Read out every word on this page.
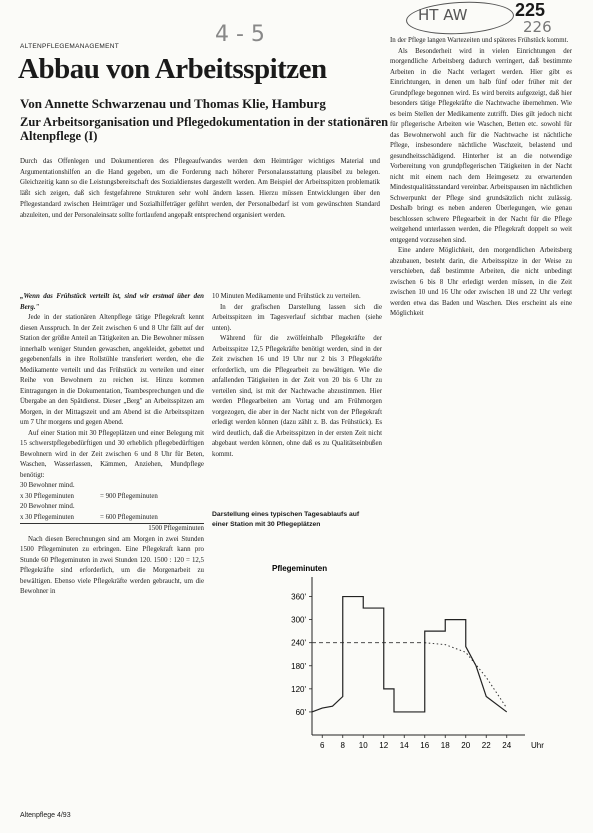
4 - 5
HT AW	225
226
ALTENPFLEGEMANAGEMENT
Abbau von Arbeitsspitzen
Von Annette Schwarzenau und Thomas Klie, Hamburg
Zur Arbeitsorganisation und Pflegedokumentation in der stationären Altenpflege (I)
Durch das Offenlegen und Dokumentieren des Pflegeaufwandes werden dem Heimträger wichtiges Material und Argumentationshilfen an die Hand gegeben, um die Forderung nach höherer Personalausstattung plausibel zu belegen. Gleichzeitig kann so die Leistungsbereitschaft des Sozialdienstes dargestellt werden. Am Beispiel der Arbeitsspitzen problematik läßt sich zeigen, daß sich festgefahrene Strukturen sehr wohl ändern lassen. Hierzu müssen Entwicklungen über den Pflegestandard zwischen Heimträger und Sozialhilfeträger geführt werden, der Personalbedarf ist vom gewünschten Standard abzuleiten, und der Personaleinsatz sollte fortlaufend angepaßt entsprechend organisiert werden.

„Wenn das Frühstück verteilt ist, sind wir erstmal über den Berg."

Jede in der stationären Altenpflege tätige Pflegekraft kennt diesen Ausspruch. In der Zeit zwischen 6 und 8 Uhr fällt auf der Station der größte Anteil an Tätigkeiten an. Die Bewohner müssen innerhalb weniger Stunden gewaschen, angekleidet, gebettet und gegebenenfalls in ihre Rollstühle transferiert werden, ehe die Medikamente verteilt und das Frühstück zu verteilen und einer Reihe von Bewohnern zu reichen ist. Hinzu kommen Eintragungen in die Dokumentation, Teambesprechungen und die Übergabe an den Spätdienst. Dieser „Berg" an Arbeitsspitzen am Morgen, in der Mittagszeit und am Abend ist die Arbeitsspitzen um 7 Uhr morgens und gegen Abend.

Auf einer Station mit 30 Pflegeplätzen und einer Belegung mit 15 schwerstpflegebedürftigen und 30 erheblich pflegebedürftigen Bewohnern wird in der Zeit zwischen 6 und 8 Uhr für Beten, Waschen, Wasserlassen, Kämmen, Anziehen, Mundpflege benötigt:

30 Bewohner mind.
x 30 Pflegeminuten	= 900 Pflegeminuten
20 Bewohner mind.
x 30 Pflegeminuten	= 600 Pflegeminuten
1500 Pflegeminuten

Nach diesen Berechnungen sind am Morgen in zwei Stunden 1500 Pflegeminuten zu erbringen. Eine Pflegekraft kann pro Stunde 60 Pflegeminuten in zwei Stunden 120. 1500 : 120 = 12,5 Pflegekräfte sind erforderlich, um die Morgenarbeit zu bewältigen. Ebenso viele Pflegekräfte werden gebraucht, um die Bewohner in

10 Minuten Medikamente und Frühstück zu verteilen.

In der grafischen Darstellung lassen sich die Arbeitsspitzen im Tagesverlauf sichtbar machen (siehe unten).

Während für die zwölfeinhalb Pflegekräfte der Arbeitsspitze 12,5 Pflegekräfte benötigt werden, sind in der Zeit zwischen 16 und 19 Uhr nur 2 bis 3 Pflegekräfte erforderlich, um die Pflegearbeit zu bewältigen. Wie die anfallenden Tätigkeiten in der Zeit von 20 bis 6 Uhr zu verteilen sind, ist mit der Nachtwache abzustimmen. Hier werden Pflegearbeiten am Vortag und am Frühmorgen vorgezogen, die aber in der Nacht nicht von der Pflegekraft erledigt werden können (dazu zählt z. B. das Frühstück). Es wird deutlich, daß die Arbeitsspitzen in der ersten Zeit nicht abgebaut werden können, ohne daß es zu Qualitätseinbußen kommt.

In der Pflege langen Wartezeiten und späteres Frühstück kommt.

Als Besonderheit wird in vielen Einrichtungen der morgendliche Arbeitsberg dadurch verringert, daß bestimmte Arbeiten in die Nacht verlagert werden. Hier gibt es Einrichtungen, in denen um halb fünf oder früher mit der Grundpflege begonnen wird. Es wird bereits aufgezeigt, daß hier besonders tätige Pflegekräfte die Nachtwache übernehmen. Wie es beim Stellen der Medikamente zutrifft. Dies gilt jedoch nicht für pflegerische Arbeiten wie Waschen, Betten etc. sowohl für das Bewohnerwohl auch für die Nachtwache ist nächtliche Pflege, insbesondere nächtliche Waschzeit, belastend und gesundheitsschädigend. Hinterher ist an die notwendige Vorbereitung von grundpflegerischen Tätigkeiten in der Nacht nicht mit einem nach dem Heimgesetz zu erwartenden Mindestqualitätsstandard vereinbar. Arbeitspausen im nächtlichen Schwerpunkt der Pflege sind grundsätzlich nicht zulässig. Deshalb bringt es neben anderen Überlegungen, wie genau beschlossen schwere Pflegearbeit in der Nacht für die Pflege weitgehend unterlassen werden, die Pflegekraft doppelt so weit entgegend vorzusehen sind.

Eine andere Möglichkeit, den morgendlichen Arbeitsberg abzubauen, besteht darin, die Arbeitsspitze in der Weise zu verschieben, daß bestimmte Arbeiten, die nicht unbedingt zwischen 6 bis 8 Uhr erledigt werden müssen, in die Zeit zwischen 10 und 16 Uhr oder zwischen 18 und 22 Uhr verlegt werden etwa das Baden und Waschen. Dies erscheint als eine Möglichkeit

Darstellung eines typischen Tagesablaufs auf einer Station mit 30 Pflegeplätzen
Pflegeminuten
60'
120'
180'
240'
300'
360'
6 8 10 12 14 16 18 20 22 24 Uhr
Altenpflege 4/93
